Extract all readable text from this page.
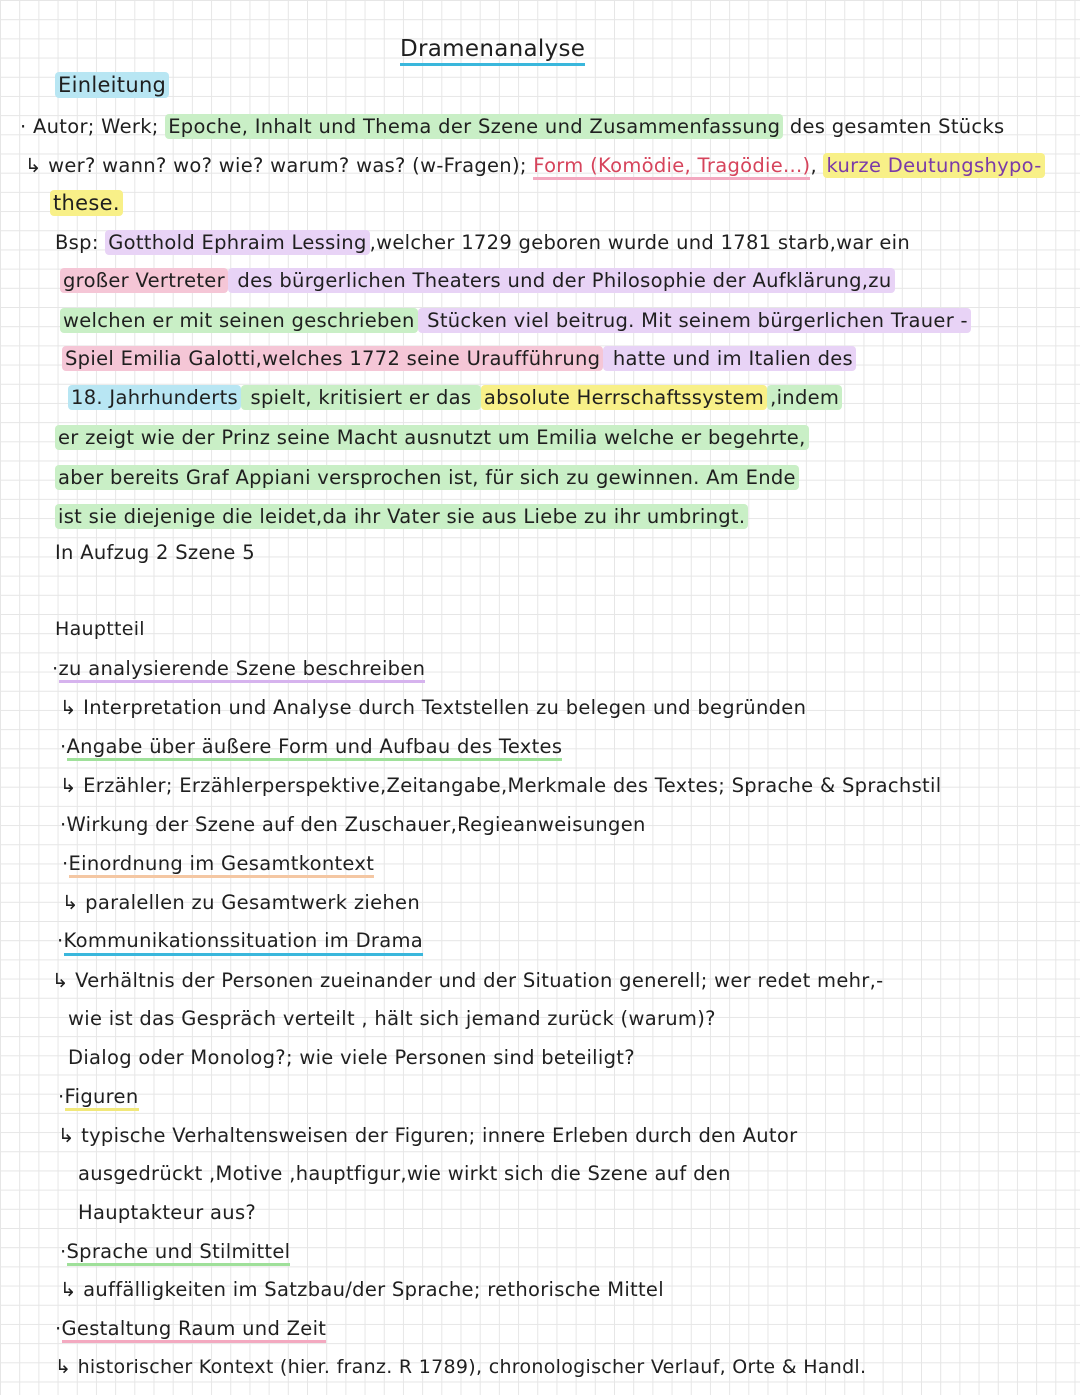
Dramenanalyse
Einleitung
· Autor; Werk; Epoche, Inhalt und Thema der Szene und Zusammenfassung des gesamten Stücks
↳ wer? wann? wo? wie? warum? was? (w-Fragen); Form (Komödie, Tragödie...), kurze Deutungshypo-
these.
Bsp: Gotthold Ephraim Lessing ,welcher 1729 geboren wurde und 1781 starb,war ein
großer Vertreter des bürgerlichen Theaters und der Philosophie der Aufklärung,zu
welchen er mit seinen geschrieben Stücken viel beitrug. Mit seinem bürgerlichen Trauer -
Spiel Emilia Galotti,welches 1772 seine Uraufführung hatte und im Italien des
18. Jahrhunderts spielt, kritisiert er das absolute Herrschaftssystem ,indem
er zeigt wie der Prinz seine Macht ausnutzt um Emilia welche er begehrte,
aber bereits Graf Appiani versprochen ist, für sich zu gewinnen. Am Ende
ist sie diejenige die leidet,da ihr Vater sie aus Liebe zu ihr umbringt.
In Aufzug 2 Szene 5
Hauptteil
·zu analysierende Szene beschreiben
↳ Interpretation und Analyse durch Textstellen zu belegen und begründen
·Angabe über äußere Form und Aufbau des Textes
↳ Erzähler; Erzählerperspektive,Zeitangabe,Merkmale des Textes; Sprache & Sprachstil
·Wirkung der Szene auf den Zuschauer,Regieanweisungen
·Einordnung im Gesamtkontext
↳ paralellen zu Gesamtwerk ziehen
·Kommunikationssituation im Drama
↳ Verhältnis der Personen zueinander und der Situation generell; wer redet mehr,-
wie ist das Gespräch verteilt , hält sich jemand zurück (warum)?
Dialog oder Monolog?; wie viele Personen sind beteiligt?
·Figuren
↳ typische Verhaltensweisen der Figuren; innere Erleben durch den Autor
ausgedrückt ,Motive ,hauptfigur,wie wirkt sich die Szene auf den
Hauptakteur aus?
·Sprache und Stilmittel
↳ auffälligkeiten im Satzbau/der Sprache; rethorische Mittel
·Gestaltung Raum und Zeit
↳ historischer Kontext (hier. franz. R 1789), chronologischer Verlauf, Orte & Handl.
